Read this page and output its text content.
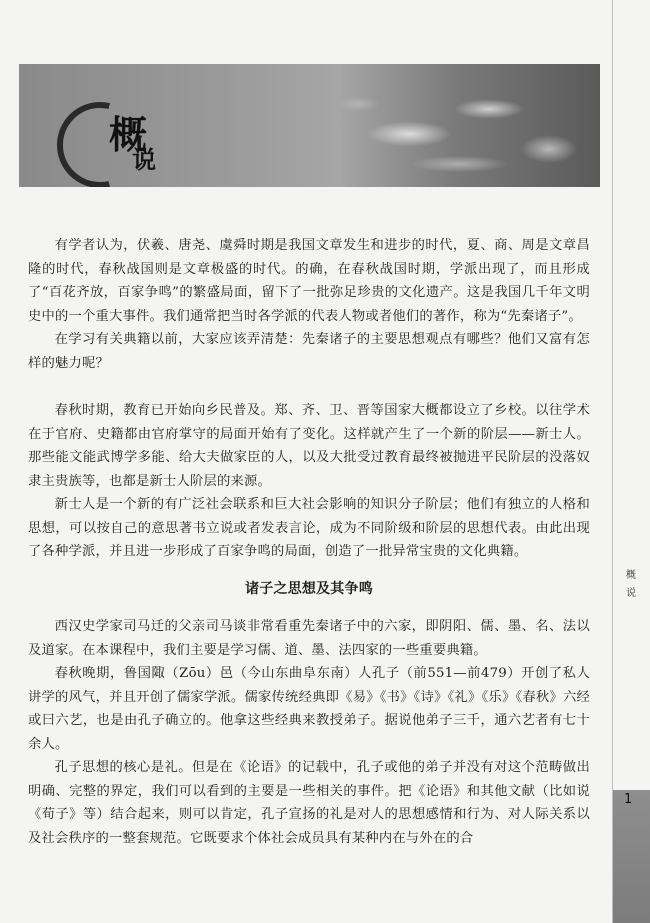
概
说

有学者认为，伏羲、唐尧、虞舜时期是我国文章发生和进步的时代，夏、商、周是文章昌隆的时代，春秋战国则是文章极盛的时代。的确，在春秋战国时期，学派出现了，而且形成了“百花齐放，百家争鸣”的繁盛局面，留下了一批弥足珍贵的文化遗产。这是我国几千年文明史中的一个重大事件。我们通常把当时各学派的代表人物或者他们的著作，称为“先秦诸子”。

在学习有关典籍以前，大家应该弄清楚：先秦诸子的主要思想观点有哪些？他们又富有怎样的魅力呢？

春秋时期，教育已开始向乡民普及。郑、齐、卫、晋等国家大概都设立了乡校。以往学术在于官府、史籍都由官府掌守的局面开始有了变化。这样就产生了一个新的阶层——新士人。那些能文能武博学多能、给大夫做家臣的人，以及大批受过教育最终被抛进平民阶层的没落奴隶主贵族等，也都是新士人阶层的来源。

新士人是一个新的有广泛社会联系和巨大社会影响的知识分子阶层；他们有独立的人格和思想，可以按自己的意思著书立说或者发表言论，成为不同阶级和阶层的思想代表。由此出现了各种学派，并且进一步形成了百家争鸣的局面，创造了一批异常宝贵的文化典籍。

诸子之思想及其争鸣

西汉史学家司马迁的父亲司马谈非常看重先秦诸子中的六家，即阴阳、儒、墨、名、法以及道家。在本课程中，我们主要是学习儒、道、墨、法四家的一些重要典籍。

春秋晚期，鲁国陬（Zōu）邑（今山东曲阜东南）人孔子（前551—前479）开创了私人讲学的风气，并且开创了儒家学派。儒家传统经典即《易》《书》《诗》《礼》《乐》《春秋》六经或曰六艺，也是由孔子确立的。他拿这些经典来教授弟子。据说他弟子三千，通六艺者有七十余人。

孔子思想的核心是礼。但是在《论语》的记载中，孔子或他的弟子并没有对这个范畴做出明确、完整的界定，我们可以看到的主要是一些相关的事件。把《论语》和其他文献（比如说《荀子》等）结合起来，则可以肯定，孔子宣扬的礼是对人的思想感情和行为、对人际关系以及社会秩序的一整套规范。它既要求个体社会成员具有某种内在与外在的合

概
说
1
